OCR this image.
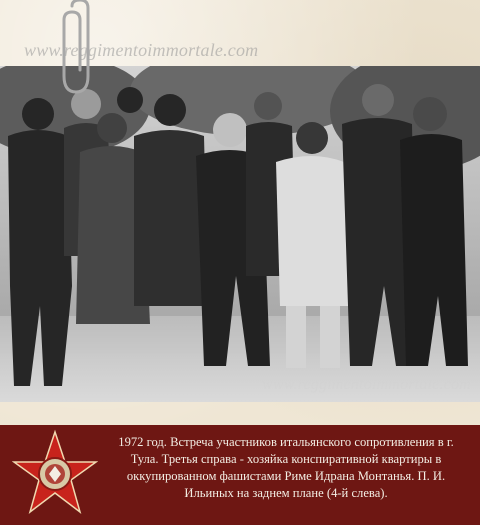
www.reggimentoimmortale.com
www.reggimentoimmortale.com
1972 год. Встреча участников итальянского сопротивления в г. Тула. Третья справа - хозяйка конспиративной квартиры в оккупированном фашистами Риме Идрана Монтанья. П. И. Ильиных на заднем плане (4-й слева).
